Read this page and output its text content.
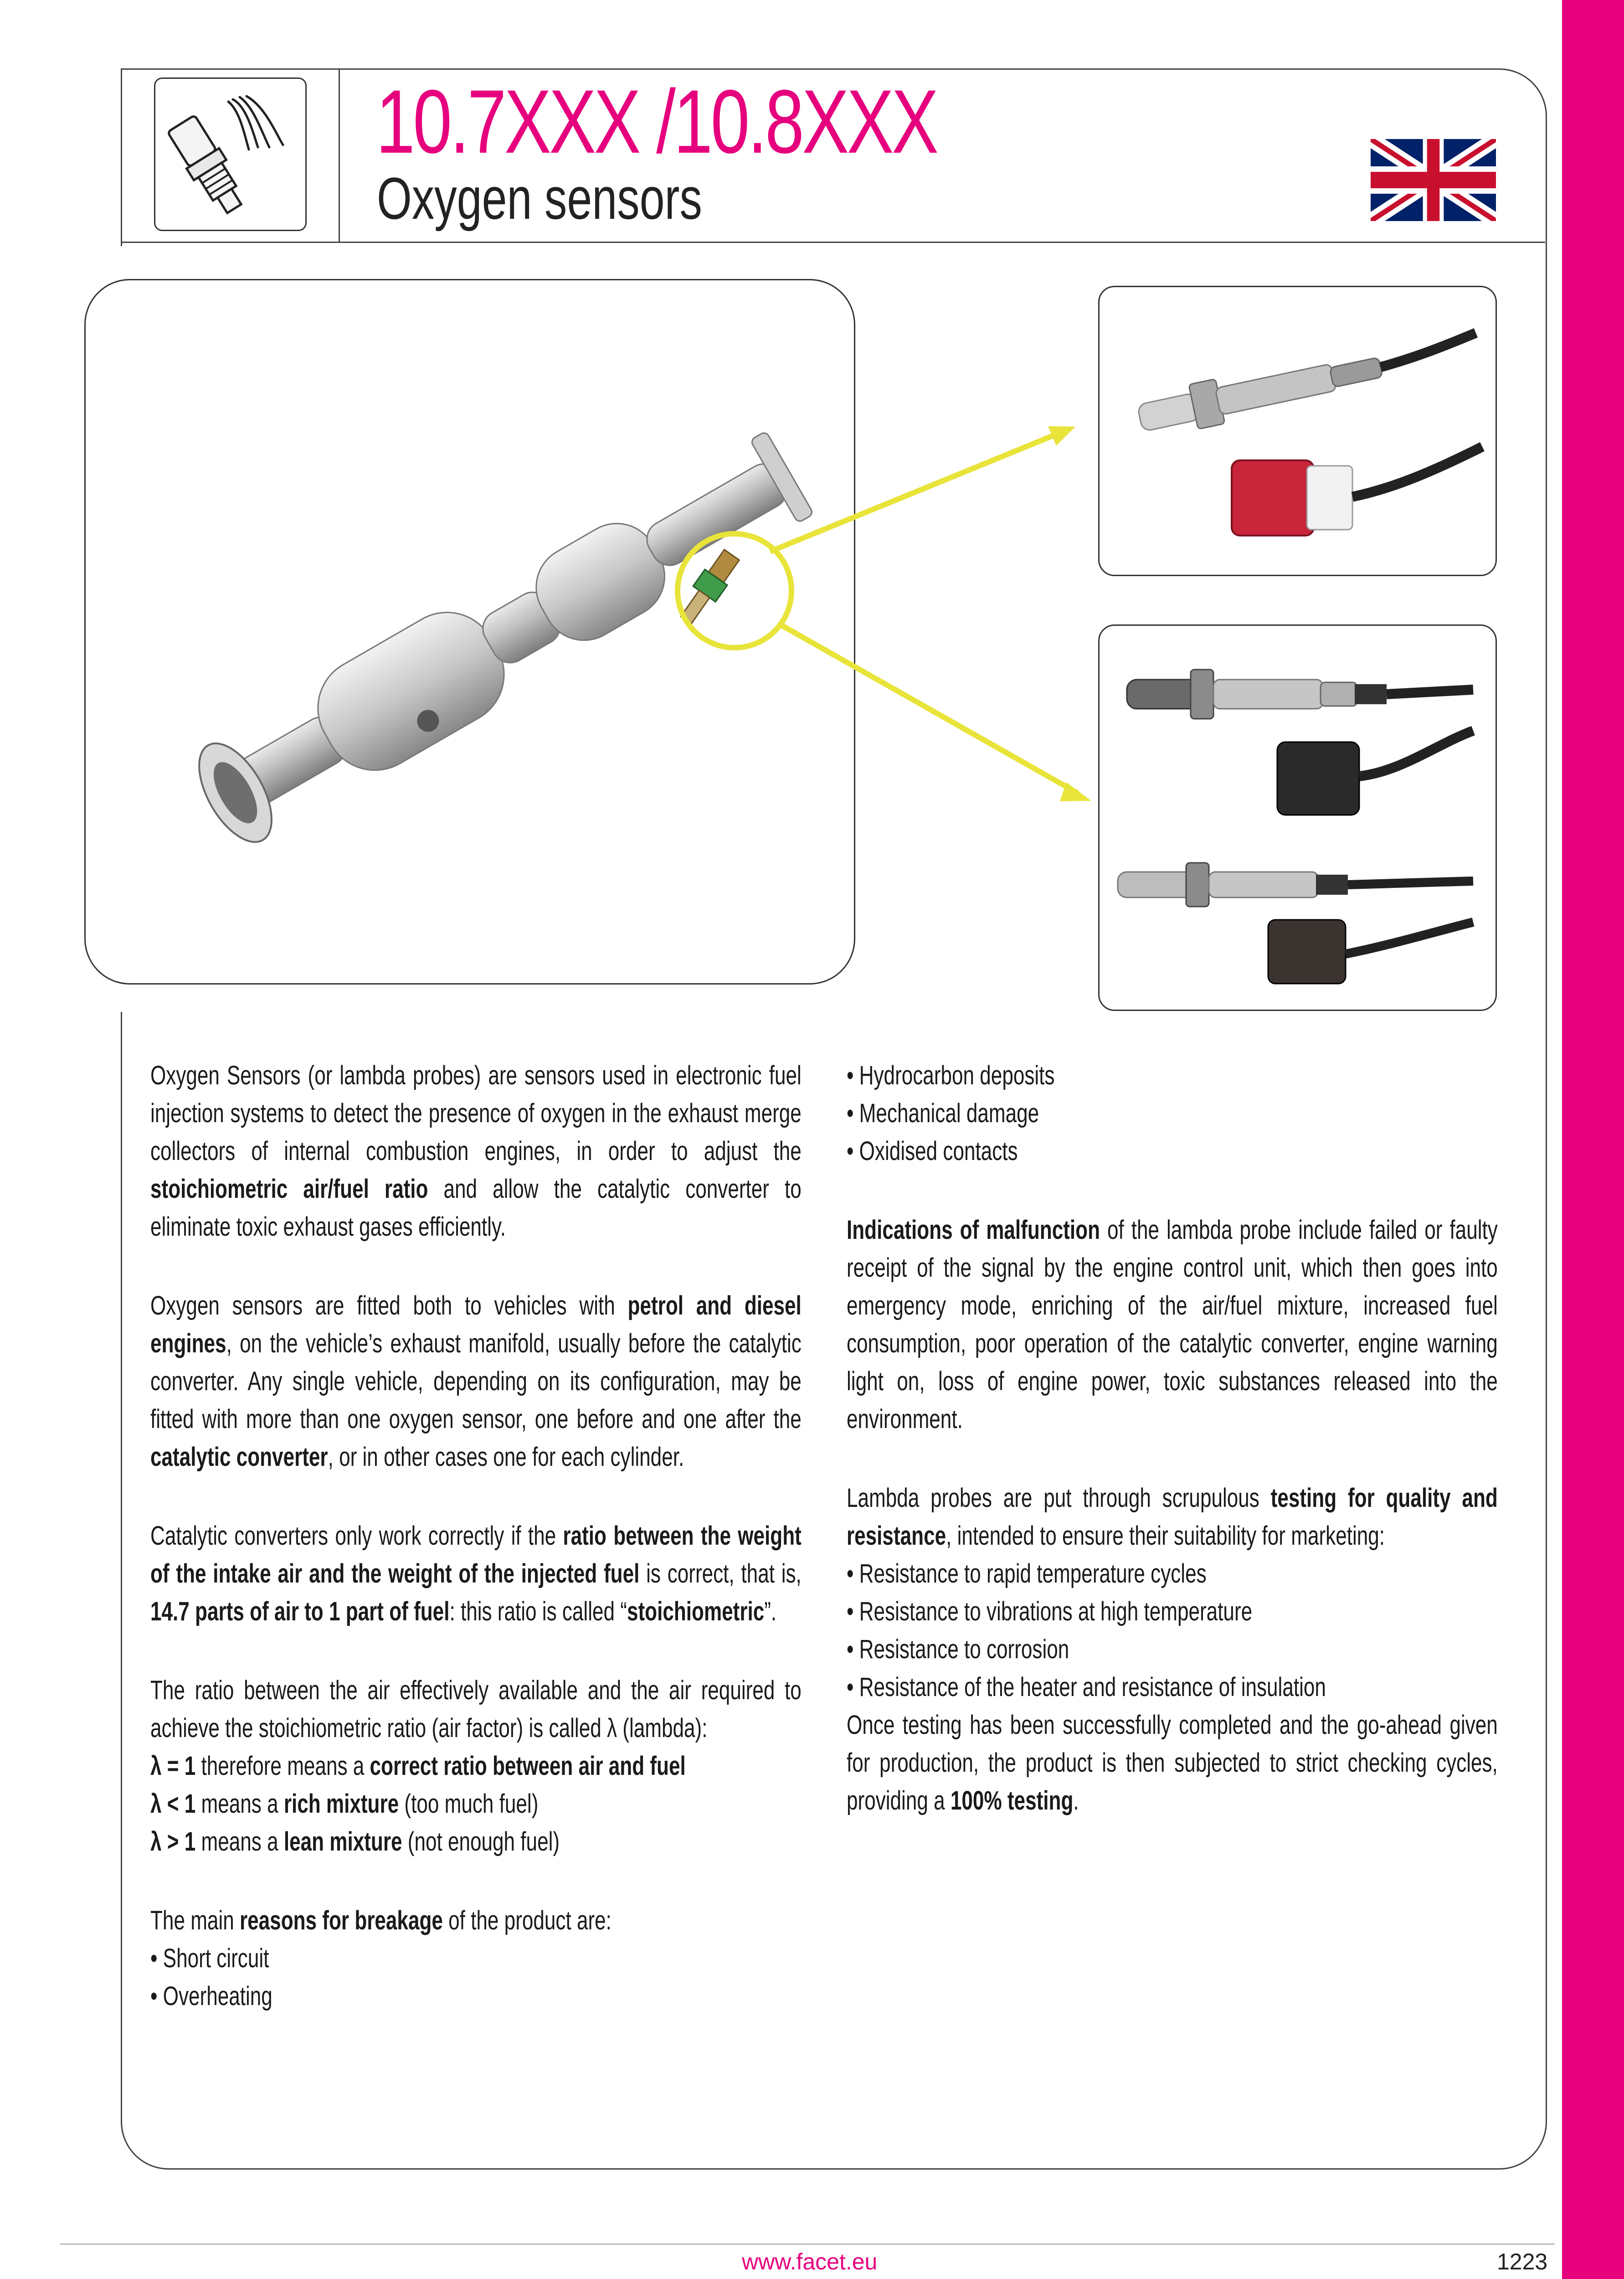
10.7XXX /10.8XXX
Oxygen sensors

Oxygen Sensors (or lambda probes) are sensors used in electronic fuel injection systems to detect the presence of oxygen in the exhaust merge collectors of internal combustion engines, in order to adjust the stoichiometric air/fuel ratio and allow the catalytic converter to eliminate toxic exhaust gases efficiently.

Oxygen sensors are fitted both to vehicles with petrol and diesel engines, on the vehicle’s exhaust manifold, usually before the catalytic converter. Any single vehicle, depending on its configuration, may be fitted with more than one oxygen sensor, one before and one after the catalytic converter, or in other cases one for each cylinder.

Catalytic converters only work correctly if the ratio between the weight of the intake air and the weight of the injected fuel is correct, that is, 14.7 parts of air to 1 part of fuel: this ratio is called “stoichiometric”.

The ratio between the air effectively available and the air required to achieve the stoichiometric ratio (air factor) is called λ (lambda):

λ = 1 therefore means a correct ratio between air and fuel
λ < 1 means a rich mixture (too much fuel)
λ > 1 means a lean mixture (not enough fuel)

The main reasons for breakage of the product are:

• Short circuit
• Overheating
• Hydrocarbon deposits
• Mechanical damage
• Oxidised contacts

Indications of malfunction of the lambda probe include failed or faulty receipt of the signal by the engine control unit, which then goes into emergency mode, enriching of the air/fuel mixture, increased fuel consumption, poor operation of the catalytic converter, engine warning light on, loss of engine power, toxic substances released into the environment.

Lambda probes are put through scrupulous testing for quality and resistance, intended to ensure their suitability for marketing:

• Resistance to rapid temperature cycles
• Resistance to vibrations at high temperature
• Resistance to corrosion
• Resistance of the heater and resistance of insulation

Once testing has been successfully completed and the go-ahead given for production, the product is then subjected to strict checking cycles, providing a 100% testing.

www.facet.eu	1223
